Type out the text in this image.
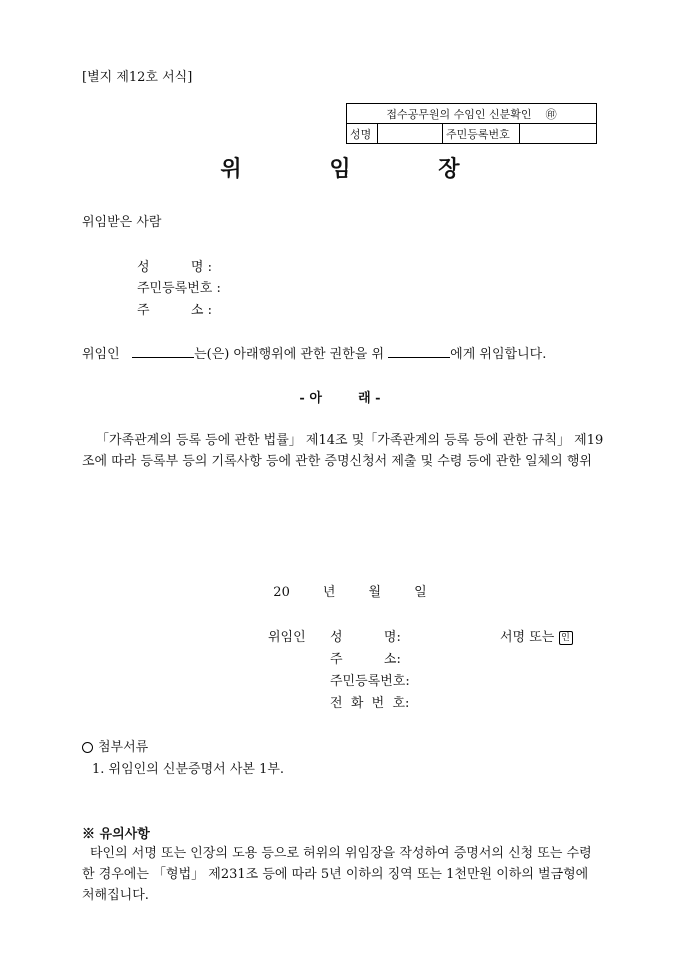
[별지 제12호 서식]
접수공무원의 수임인 신분확인 ㊞
성명		주민등록번호	
위	임	장
위임받은 사람
성          명 :
주민등록번호 :
주          소 :
위임인	는(은) 아래행위에 관한 권한을 위	에게 위임합니다.
- 아        래 -
「가족관계의 등록 등에 관한 법률」 제14조 및「가족관계의 등록 등에 관한 규칙」 제19조에 따라 등록부 등의 기록사항 등에 관한 증명신청서 제출 및 수령 등에 관한 일체의 행위
20        년        월        일
위임인 성          명:	서명 또는 인
주          소:
주민등록번호:
전  화  번  호:
첨부서류
1. 위임인의 신분증명서 사본 1부.
※ 유의사항
타인의 서명 또는 인장의 도용 등으로 허위의 위임장을 작성하여 증명서의 신청 또는 수령한 경우에는 「형법」 제231조 등에 따라 5년 이하의 징역 또는 1천만원 이하의 벌금형에 처해집니다.
